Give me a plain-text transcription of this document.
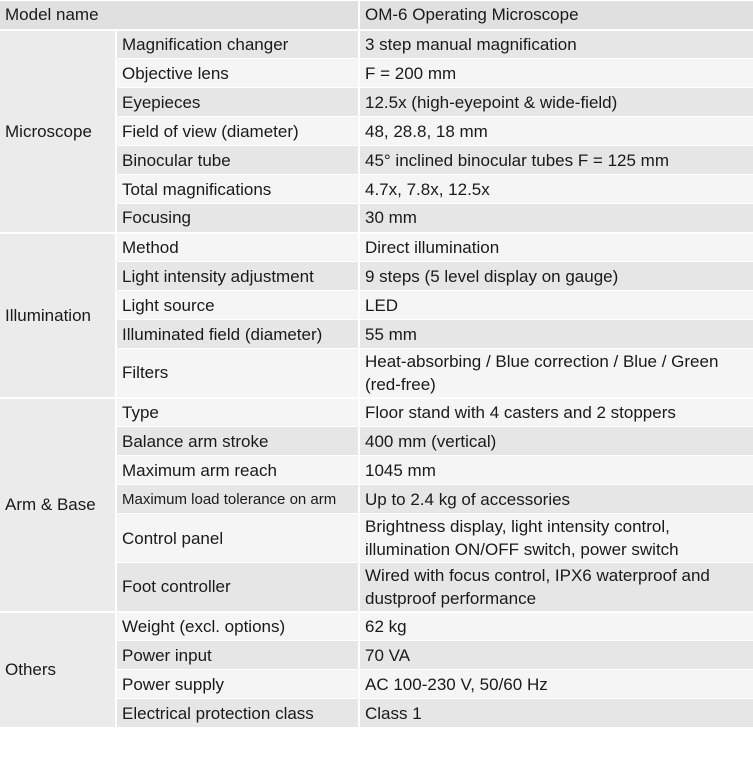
Model name		OM-6 Operating Microscope
Microscope	Magnification changer	3 step manual magnification
	Objective lens	F = 200 mm
	Eyepieces	12.5x (high-eyepoint & wide-field)
	Field of view (diameter)	48, 28.8, 18 mm
	Binocular tube	45° inclined binocular tubes F = 125 mm
	Total magnifications	4.7x, 7.8x, 12.5x
	Focusing	30 mm
Illumination	Method	Direct illumination
	Light intensity adjustment	9 steps (5 level display on gauge)
	Light source	LED
	Illuminated field (diameter)	55 mm
	Filters	Heat-absorbing / Blue correction / Blue / Green (red-free)
Arm & Base	Type	Floor stand with 4 casters and 2 stoppers
	Balance arm stroke	400 mm (vertical)
	Maximum arm reach	1045 mm
	Maximum load tolerance on arm	Up to 2.4 kg of accessories
	Control panel	Brightness display, light intensity control, illumination ON/OFF switch, power switch
	Foot controller	Wired with focus control, IPX6 waterproof and dustproof performance
Others	Weight (excl. options)	62 kg
	Power input	70 VA
	Power supply	AC 100-230 V, 50/60 Hz
	Electrical protection class	Class 1
